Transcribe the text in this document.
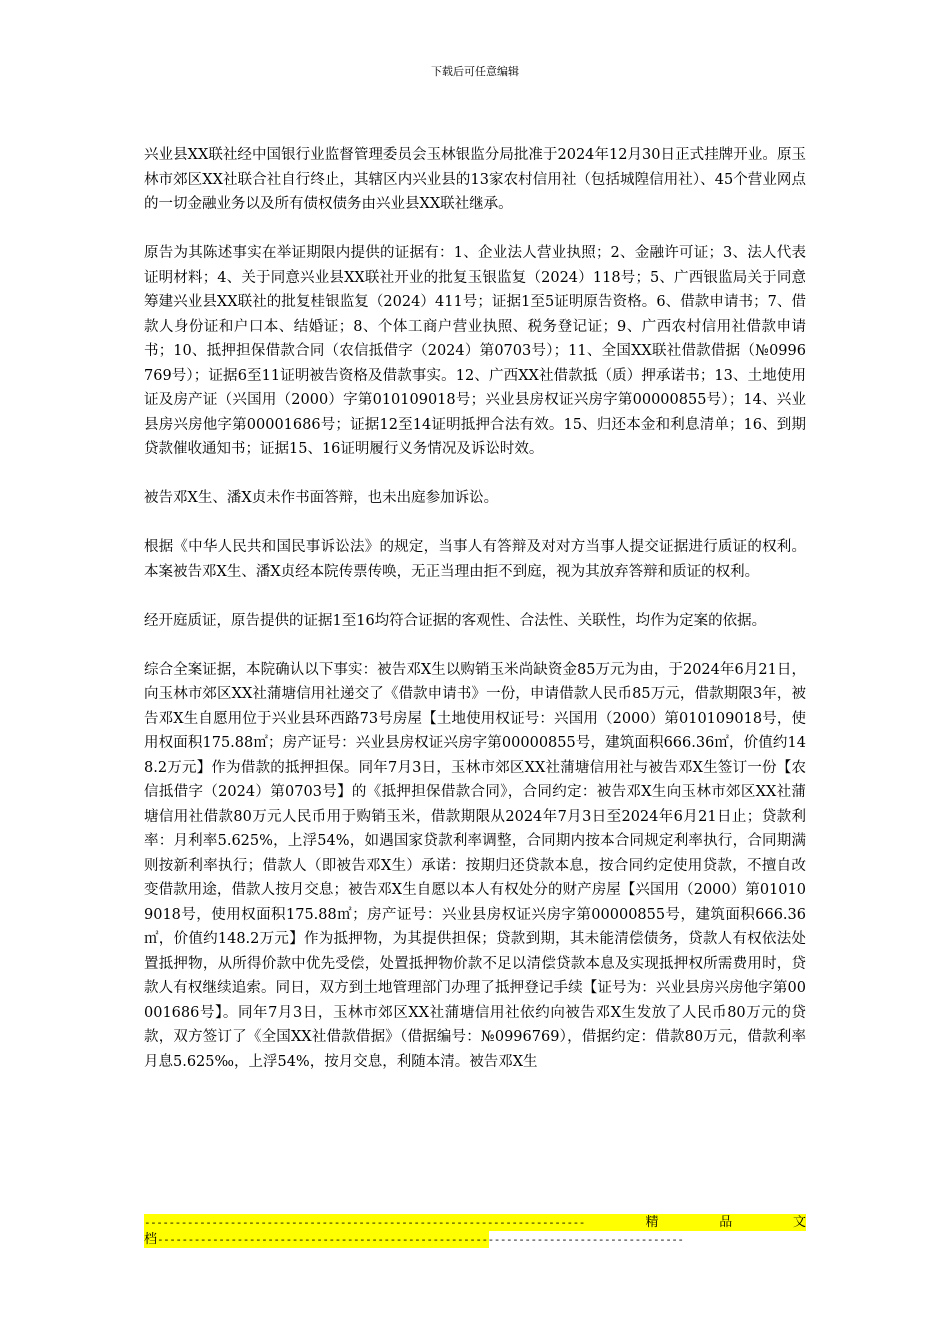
下载后可任意编辑

兴业县XX联社经中国银行业监督管理委员会玉林银监分局批准于2024年12月30日正式挂牌开业。原玉林市郊区XX社联合社自行终止，其辖区内兴业县的13家农村信用社（包括城隍信用社）、45个营业网点的一切金融业务以及所有债权债务由兴业县XX联社继承。

原告为其陈述事实在举证期限内提供的证据有：1、企业法人营业执照；2、金融许可证；3、法人代表证明材料；4、关于同意兴业县XX联社开业的批复玉银监复（2024）118号；5、广西银监局关于同意筹建兴业县XX联社的批复桂银监复（2024）411号；证据1至5证明原告资格。6、借款申请书；7、借款人身份证和户口本、结婚证；8、个体工商户营业执照、税务登记证；9、广西农村信用社借款申请书；10、抵押担保借款合同（农信抵借字（2024）第0703号）；11、全国XX联社借款借据（№0996769号）；证据6至11证明被告资格及借款事实。12、广西XX社借款抵（质）押承诺书；13、土地使用证及房产证（兴国用（2000）字第010109018号；兴业县房权证兴房字第00000855号）；14、兴业县房兴房他字第00001686号；证据12至14证明抵押合法有效。15、归还本金和利息清单；16、到期贷款催收通知书；证据15、16证明履行义务情况及诉讼时效。

被告邓X生、潘X贞未作书面答辩，也未出庭参加诉讼。

根据《中华人民共和国民事诉讼法》的规定，当事人有答辩及对对方当事人提交证据进行质证的权利。本案被告邓X生、潘X贞经本院传票传唤，无正当理由拒不到庭，视为其放弃答辩和质证的权利。

经开庭质证，原告提供的证据1至16均符合证据的客观性、合法性、关联性，均作为定案的依据。

综合全案证据，本院确认以下事实：被告邓X生以购销玉米尚缺资金85万元为由，于2024年6月21日，向玉林市郊区XX社蒲塘信用社递交了《借款申请书》一份，申请借款人民币85万元，借款期限3年，被告邓X生自愿用位于兴业县环西路73号房屋【土地使用权证号：兴国用（2000）第010109018号，使用权面积175.88㎡；房产证号：兴业县房权证兴房字第00000855号，建筑面积666.36㎡，价值约148.2万元】作为借款的抵押担保。同年7月3日，玉林市郊区XX社蒲塘信用社与被告邓X生签订一份【农信抵借字（2024）第0703号】的《抵押担保借款合同》，合同约定：被告邓X生向玉林市郊区XX社蒲塘信用社借款80万元人民币用于购销玉米，借款期限从2024年7月3日至2024年6月21日止；贷款利率：月利率5.625%，上浮54%，如遇国家贷款利率调整，合同期内按本合同规定利率执行，合同期满则按新利率执行；借款人（即被告邓X生）承诺：按期归还贷款本息，按合同约定使用贷款，不擅自改变借款用途，借款人按月交息；被告邓X生自愿以本人有权处分的财产房屋【兴国用（2000）第010109018号，使用权面积175.88㎡；房产证号：兴业县房权证兴房字第00000855号，建筑面积666.36㎡，价值约148.2万元】作为抵押物，为其提供担保；贷款到期，其未能清偿债务，贷款人有权依法处置抵押物，从所得价款中优先受偿，处置抵押物价款不足以清偿贷款本息及实现抵押权所需费用时，贷款人有权继续追索。同日，双方到土地管理部门办理了抵押登记手续【证号为：兴业县房兴房他字第00001686号】。同年7月3日，玉林市郊区XX社蒲塘信用社依约向被告邓X生发放了人民币80万元的贷款，双方签订了《全国XX社借款借据》（借据编号：№0996769），借据约定：借款80万元，借款利率月息5.625‰，上浮54%，按月交息，利随本清。被告邓X生

------------------------------------------------------------------------	精	品	文
档--------------------------------------------------------------------------------------
